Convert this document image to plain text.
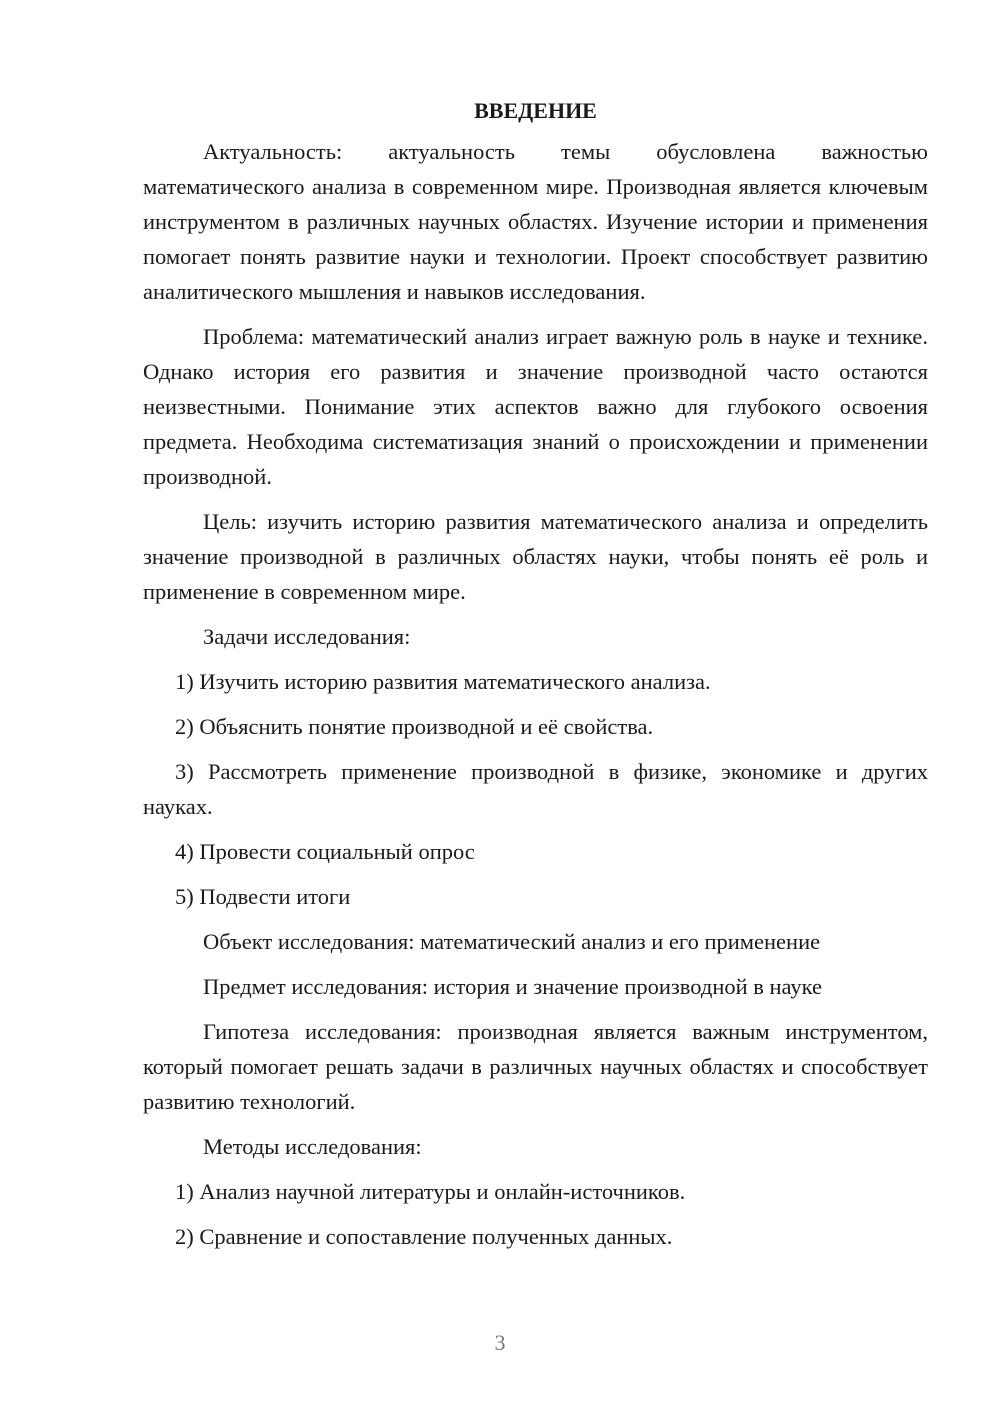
ВВЕДЕНИЕ

Актуальность: актуальность темы обусловлена важностью математического анализа в современном мире. Производная является ключевым инструментом в различных научных областях. Изучение истории и применения помогает понять развитие науки и технологии. Проект способствует развитию аналитического мышления и навыков исследования.

Проблема: математический анализ играет важную роль в науке и технике. Однако история его развития и значение производной часто остаются неизвестными. Понимание этих аспектов важно для глубокого освоения предмета. Необходима систематизация знаний о происхождении и применении производной.

Цель: изучить историю развития математического анализа и определить значение производной в различных областях науки, чтобы понять её роль и применение в современном мире.

Задачи исследования:

1) Изучить историю развития математического анализа.

2) Объяснить понятие производной и её свойства.

3) Рассмотреть применение производной в физике, экономике и других науках.

4) Провести социальный опрос

5) Подвести итоги

Объект исследования: математический анализ и его применение

Предмет исследования: история и значение производной в науке

Гипотеза исследования: производная является важным инструментом, который помогает решать задачи в различных научных областях и способствует развитию технологий.

Методы исследования:

1) Анализ научной литературы и онлайн-источников.

2) Сравнение и сопоставление полученных данных.

3
